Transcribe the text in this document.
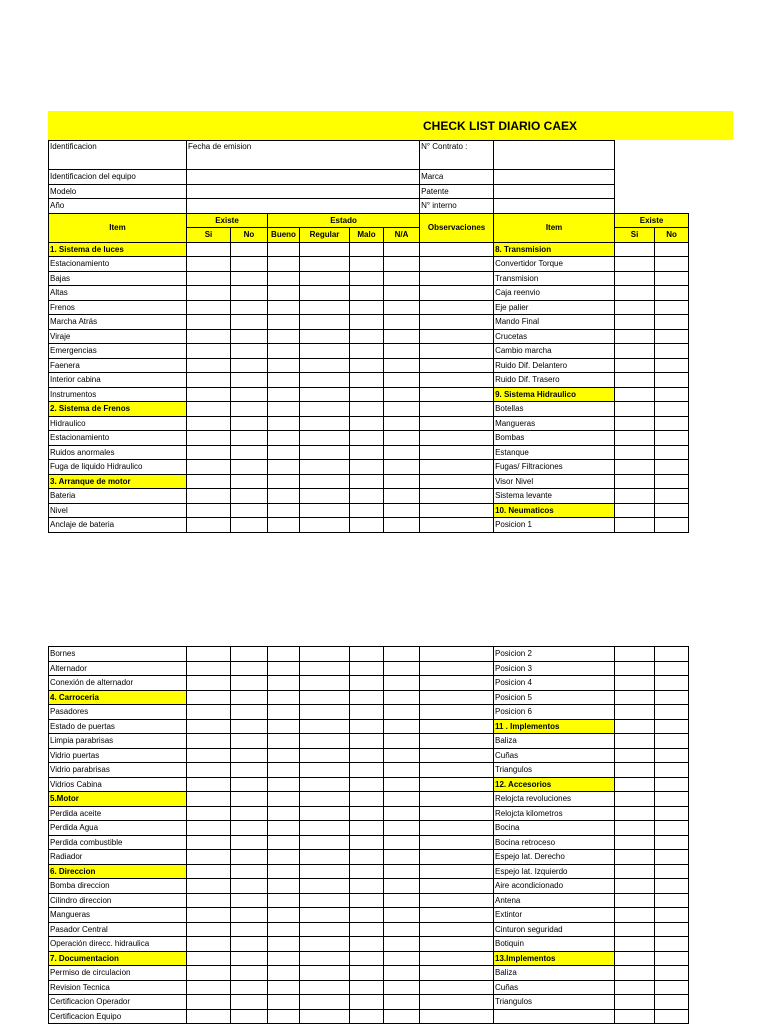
CHECK LIST DIARIO CAEX
Identificacion	Fecha de emision						N° Contrato :			
Identificacion del equipo							Marca			
Modelo							Patente			
Año							N° interno			
Item	Existe		Estado				Observaciones	Item	Existe	
	Si	No	Bueno	Regular	Malo	N/A			Si	No
1. Sistema de luces								8. Transmision		
Estacionamiento								Convertidor Torque		
Bajas								Transmision		
Altas								Caja reenvio		
Frenos								Eje palier		
Marcha Atrás								Mando Final		
Viraje								Crucetas		
Emergencias								Cambio marcha		
Faenera								Ruido Dif. Delantero		
Interior cabina								Ruido Dif. Trasero		
Instrumentos								9. Sistema Hidraulico		
2. Sistema de Frenos								Botellas		
Hidraulico								Mangueras		
Estacionamiento								Bombas		
Ruidos anormales								Estanque		
Fuga de liquido Hidraulico								Fugas/ Filtraciones		
3. Arranque de motor								Visor Nivel		
Bateria								Sistema levante		
Nivel								10. Neumaticos		
Anclaje de bateria								Posicion 1		
Bornes								Posicion 2		
Alternador								Posicion 3		
Conexión de alternador								Posicion 4		
4. Carroceria								Posicion 5		
Pasadores								Posicion 6		
Estado de puertas								11 . Implementos		
Limpia parabrisas								Baliza		
Vidrio puertas								Cuñas		
Vidrio parabrisas								Triangulos		
Vidrios Cabina								12. Accesorios		
5.Motor								Relojcta revoluciones		
Perdida aceite								Relojcta kilometros		
Perdida Agua								Bocina		
Perdida combustible								Bocina retroceso		
Radiador								Espejo lat. Derecho		
6. Direccion								Espejo lat. Izquierdo		
Bomba direccion								Aire acondicionado		
Cilindro direccion								Antena		
Mangueras								Extintor		
Pasador Central								Cinturon seguridad		
Operación direcc. hidraulica								Botiquin		
7. Documentacion								13.Implementos		
Permiso de circulacion								Baliza		
Revision Tecnica								Cuñas		
Certificacion Operador								Triangulos		
Certificacion Equipo										
